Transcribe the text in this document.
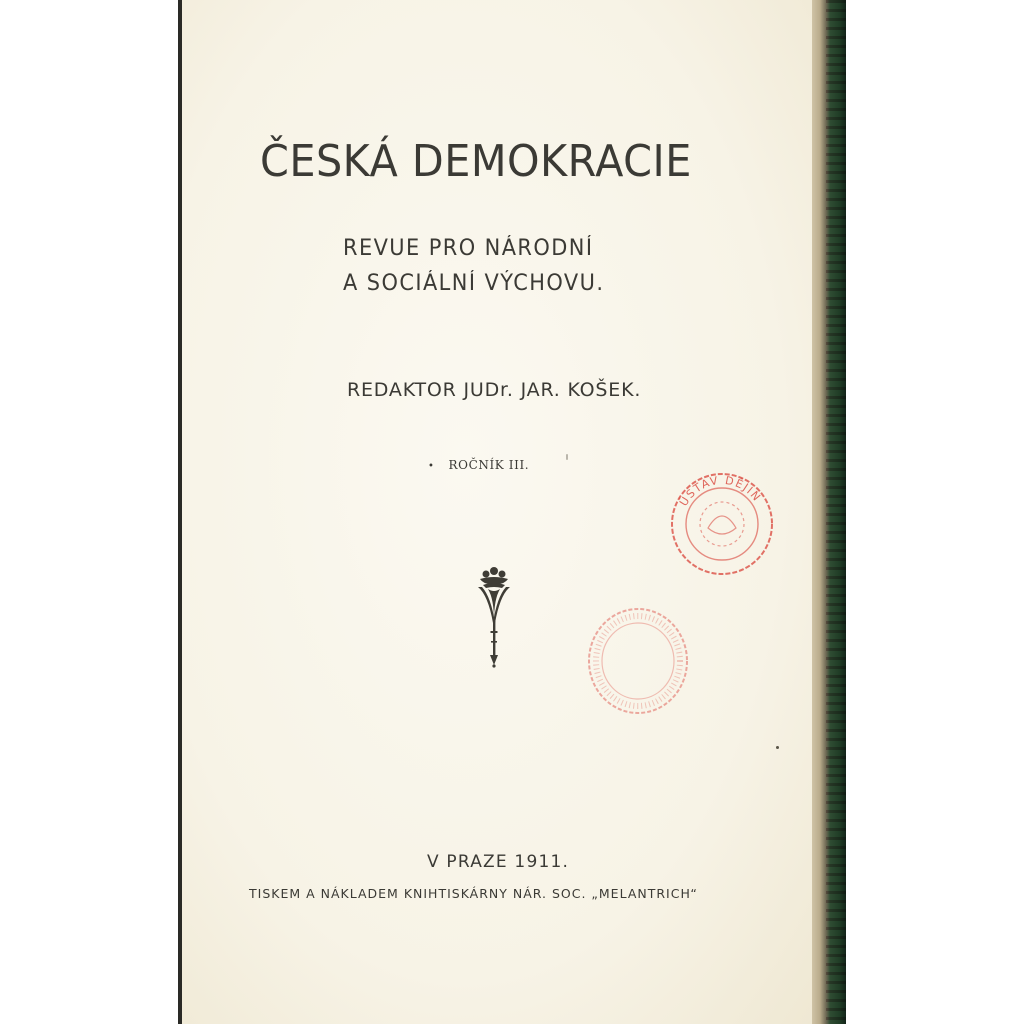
ČESKÁ DEMOKRACIE
REVUE PRO NÁRODNÍ
A SOCIÁLNÍ VÝCHOVU.
REDAKTOR JUDr. JAR. KOŠEK.
• ROČNÍK III.
ÚSTAV DĚJIN
V PRAZE 1911.
TISKEM A NÁKLADEM KNIHTISKÁRNY NÁR. SOC. „MELANTRICH“
